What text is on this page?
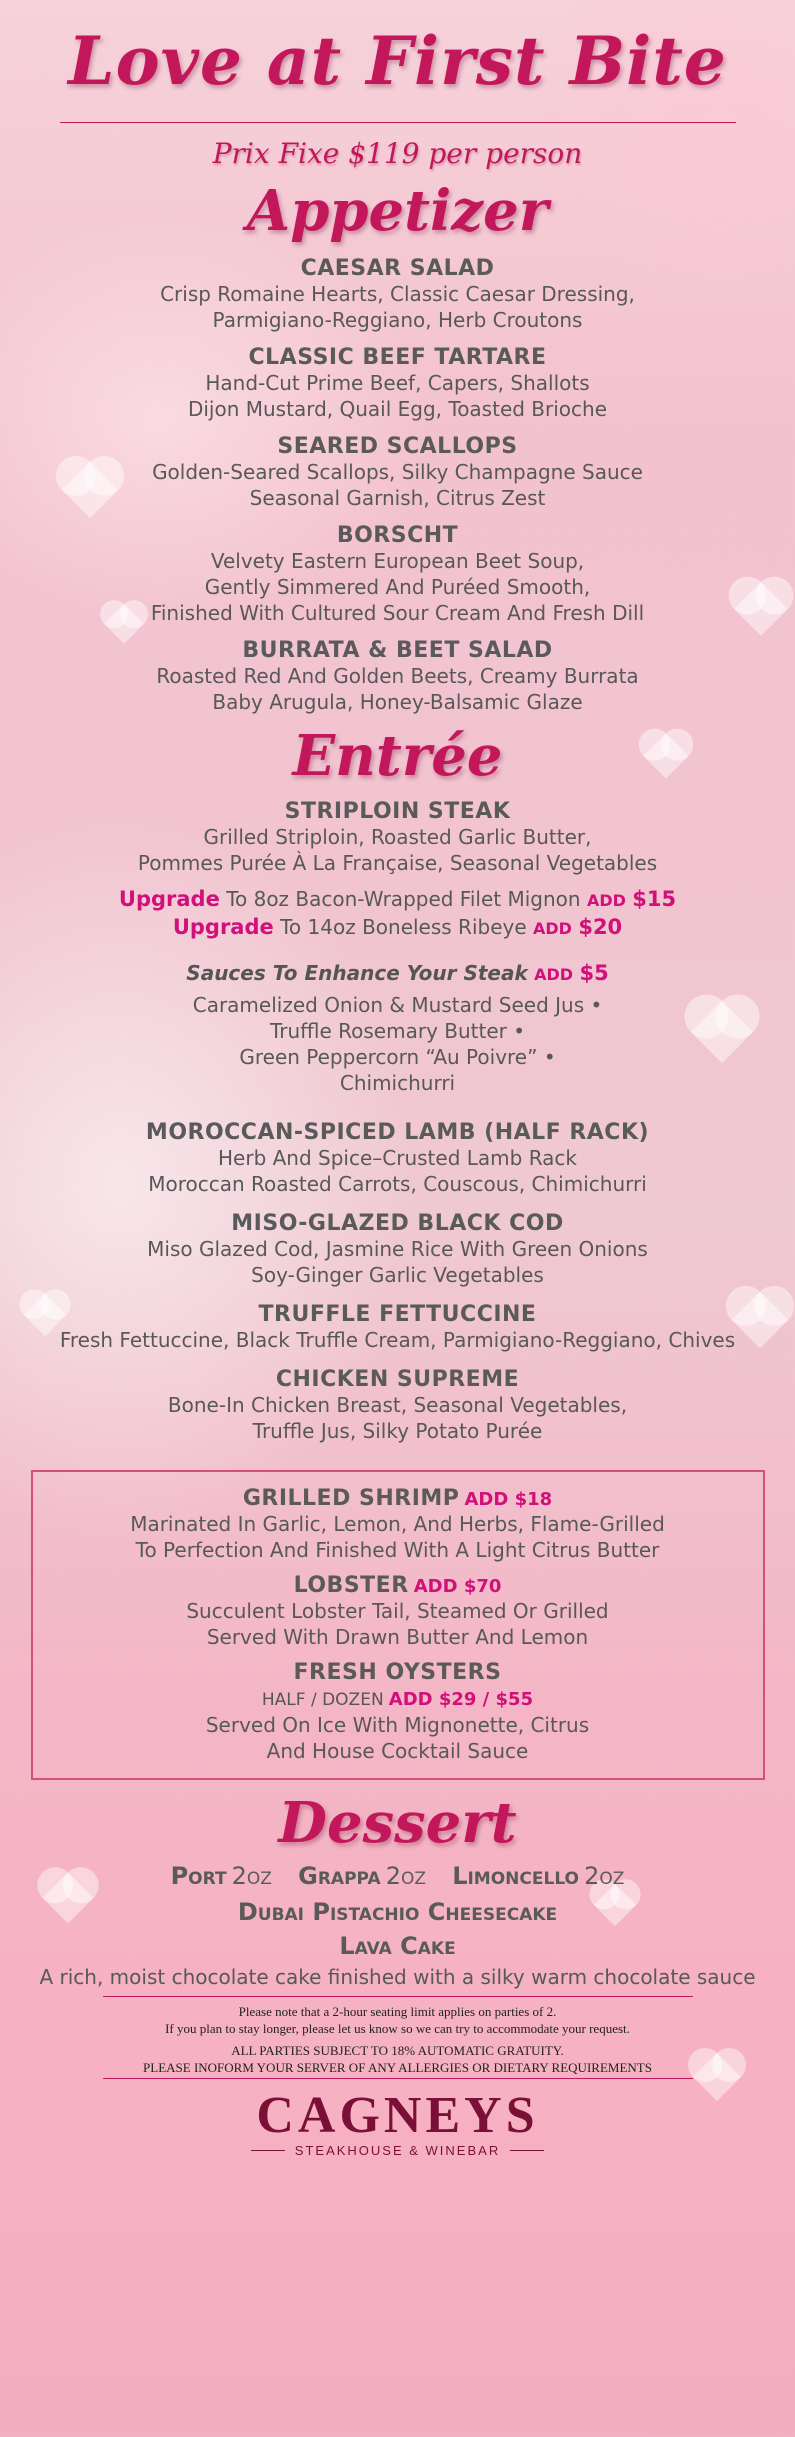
Love at First Bite
Prix Fixe $119 per person
Appetizer
CAESAR SALAD
Crisp Romaine Hearts, Classic Caesar Dressing,
Parmigiano-Reggiano, Herb Croutons
CLASSIC BEEF TARTARE
Hand-Cut Prime Beef, Capers, Shallots
Dijon Mustard, Quail Egg, Toasted Brioche
SEARED SCALLOPS
Golden-Seared Scallops, Silky Champagne Sauce
Seasonal Garnish, Citrus Zest
BORSCHT
Velvety Eastern European Beet Soup,
Gently Simmered And Puréed Smooth,
Finished With Cultured Sour Cream And Fresh Dill
BURRATA & BEET SALAD
Roasted Red And Golden Beets, Creamy Burrata
Baby Arugula, Honey-Balsamic Glaze
Entrée
STRIPLOIN STEAK
Grilled Striploin, Roasted Garlic Butter,
Pommes Purée À La Française, Seasonal Vegetables
Upgrade To 8oz Bacon-Wrapped Filet Mignon ADD $15
Upgrade To 14oz Boneless Ribeye ADD $20
Sauces To Enhance Your Steak ADD $5
Caramelized Onion & Mustard Seed Jus •
Truffle Rosemary Butter •
Green Peppercorn “Au Poivre” •
Chimichurri
MOROCCAN-SPICED LAMB (HALF RACK)
Herb And Spice–Crusted Lamb Rack
Moroccan Roasted Carrots, Couscous, Chimichurri
MISO-GLAZED BLACK COD
Miso Glazed Cod, Jasmine Rice With Green Onions
Soy-Ginger Garlic Vegetables
TRUFFLE FETTUCCINE
Fresh Fettuccine, Black Truffle Cream, Parmigiano-Reggiano, Chives
CHICKEN SUPREME
Bone-In Chicken Breast, Seasonal Vegetables,
Truffle Jus, Silky Potato Purée
GRILLED SHRIMP ADD $18
Marinated In Garlic, Lemon, And Herbs, Flame-Grilled
To Perfection And Finished With A Light Citrus Butter
LOBSTER ADD $70
Succulent Lobster Tail, Steamed Or Grilled
Served With Drawn Butter And Lemon
FRESH OYSTERS
HALF / DOZEN ADD $29 / $55
Served On Ice With Mignonette, Citrus
And House Cocktail Sauce
Dessert
Port 2oz Grappa 2oz Limoncello 2oz
Dubai Pistachio Cheesecake
Lava Cake
A rich, moist chocolate cake finished with a silky warm chocolate sauce
Please note that a 2-hour seating limit applies on parties of 2.
If you plan to stay longer, please let us know so we can try to accommodate your request.
ALL PARTIES SUBJECT TO 18% AUTOMATIC GRATUITY.
PLEASE INOFORM YOUR SERVER OF ANY ALLERGIES OR DIETARY REQUIREMENTS
CAGNEYS
STEAKHOUSE & WINEBAR
